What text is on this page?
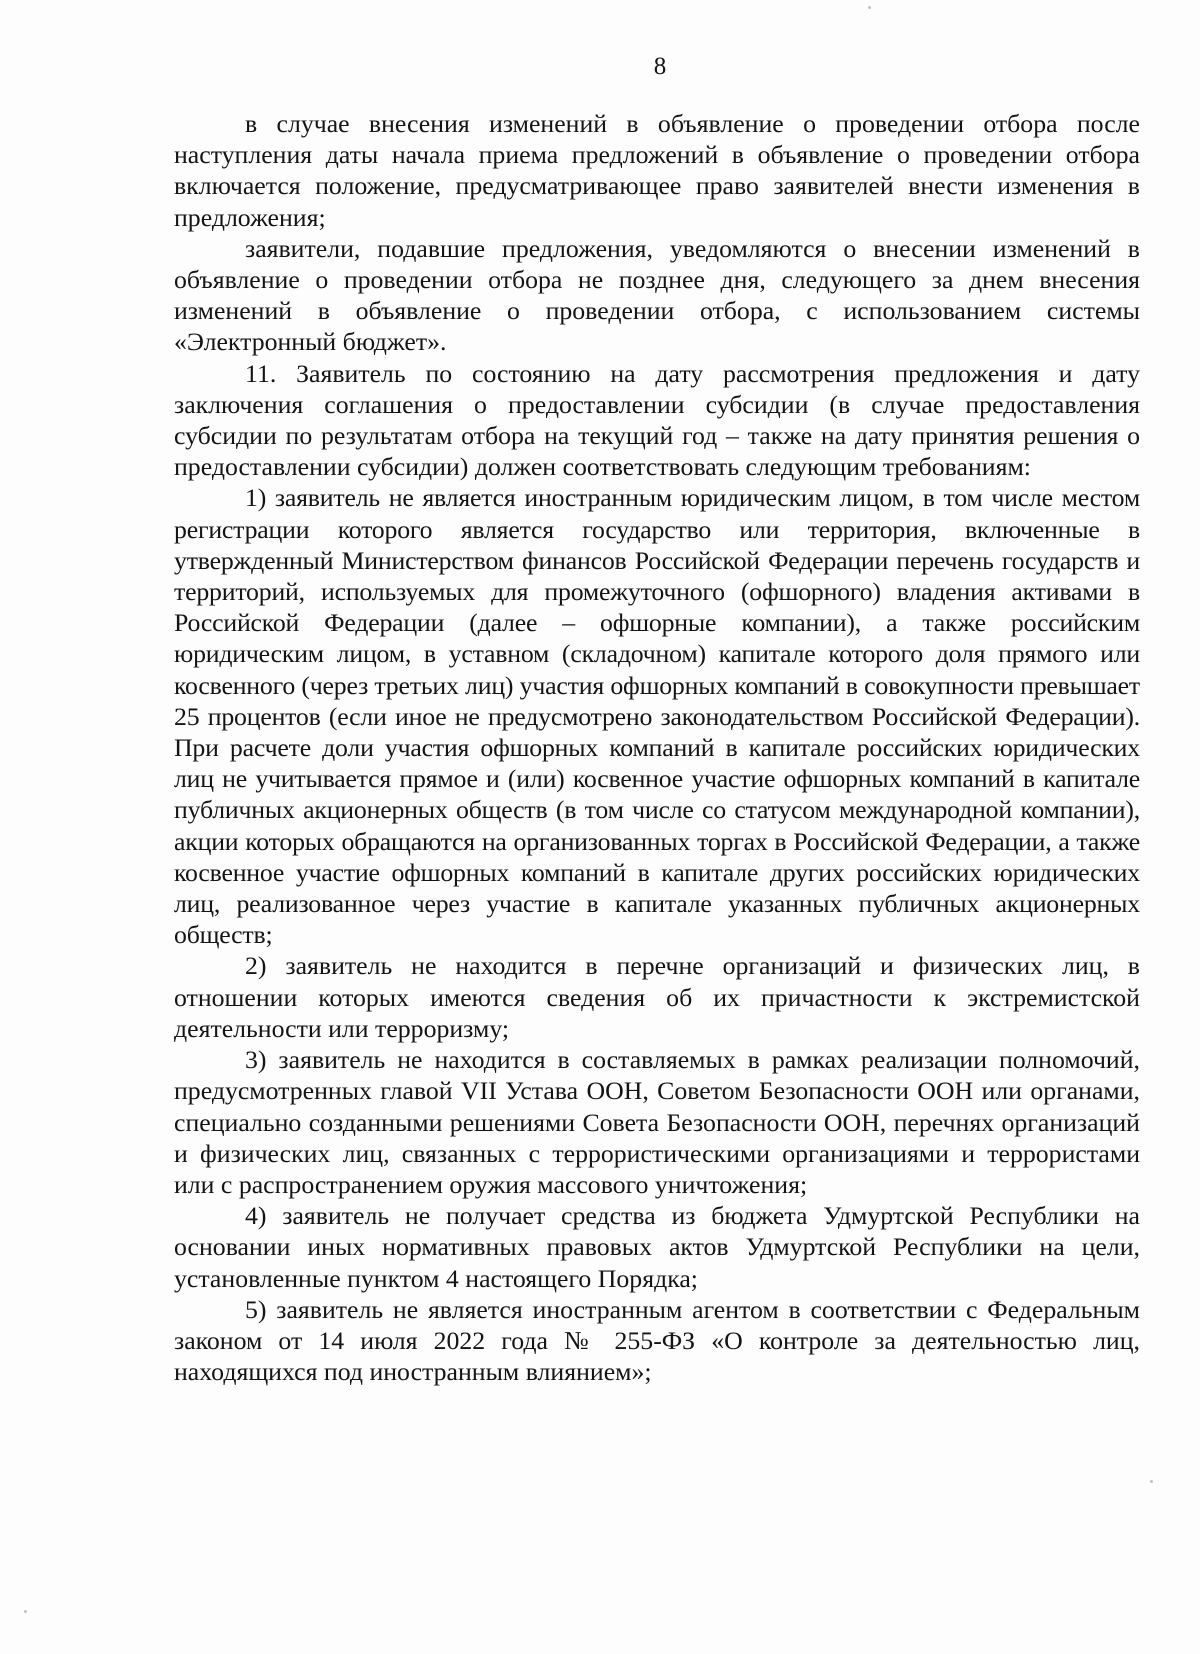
8

в случае внесения изменений в объявление о проведении отбора после наступления даты начала приема предложений в объявление о проведении отбора включается положение, предусматривающее право заявителей внести изменения в предложения;

заявители, подавшие предложения, уведомляются о внесении изменений в объявление о проведении отбора не позднее дня, следующего за днем внесения изменений в объявление о проведении отбора, с использованием системы «Электронный бюджет».

11. Заявитель по состоянию на дату рассмотрения предложения и дату заключения соглашения о предоставлении субсидии (в случае предоставления субсидии по результатам отбора на текущий год – также на дату принятия решения о предоставлении субсидии) должен соответствовать следующим требованиям:

1) заявитель не является иностранным юридическим лицом, в том числе местом регистрации которого является государство или территория, включенные в утвержденный Министерством финансов Российской Федерации перечень государств и территорий, используемых для промежуточного (офшорного) владения активами в Российской Федерации (далее – офшорные компании), а также российским юридическим лицом, в уставном (складочном) капитале которого доля прямого или косвенного (через третьих лиц) участия офшорных компаний в совокупности превышает 25 процентов (если иное не предусмотрено законодательством Российской Федерации). При расчете доли участия офшорных компаний в капитале российских юридических лиц не учитывается прямое и (или) косвенное участие офшорных компаний в капитале публичных акционерных обществ (в том числе со статусом международной компании), акции которых обращаются на организованных торгах в Российской Федерации, а также косвенное участие офшорных компаний в капитале других российских юридических лиц, реализованное через участие в капитале указанных публичных акционерных обществ;

2) заявитель не находится в перечне организаций и физических лиц, в отношении которых имеются сведения об их причастности к экстремистской деятельности или терроризму;

3) заявитель не находится в составляемых в рамках реализации полномочий, предусмотренных главой VII Устава ООН, Советом Безопасности ООН или органами, специально созданными решениями Совета Безопасности ООН, перечнях организаций и физических лиц, связанных с террористическими организациями и террористами или с распространением оружия массового уничтожения;

4) заявитель не получает средства из бюджета Удмуртской Республики на основании иных нормативных правовых актов Удмуртской Республики на цели, установленные пунктом 4 настоящего Порядка;

5) заявитель не является иностранным агентом в соответствии с Федеральным законом от 14 июля 2022 года № 255-ФЗ «О контроле за деятельностью лиц, находящихся под иностранным влиянием»;
